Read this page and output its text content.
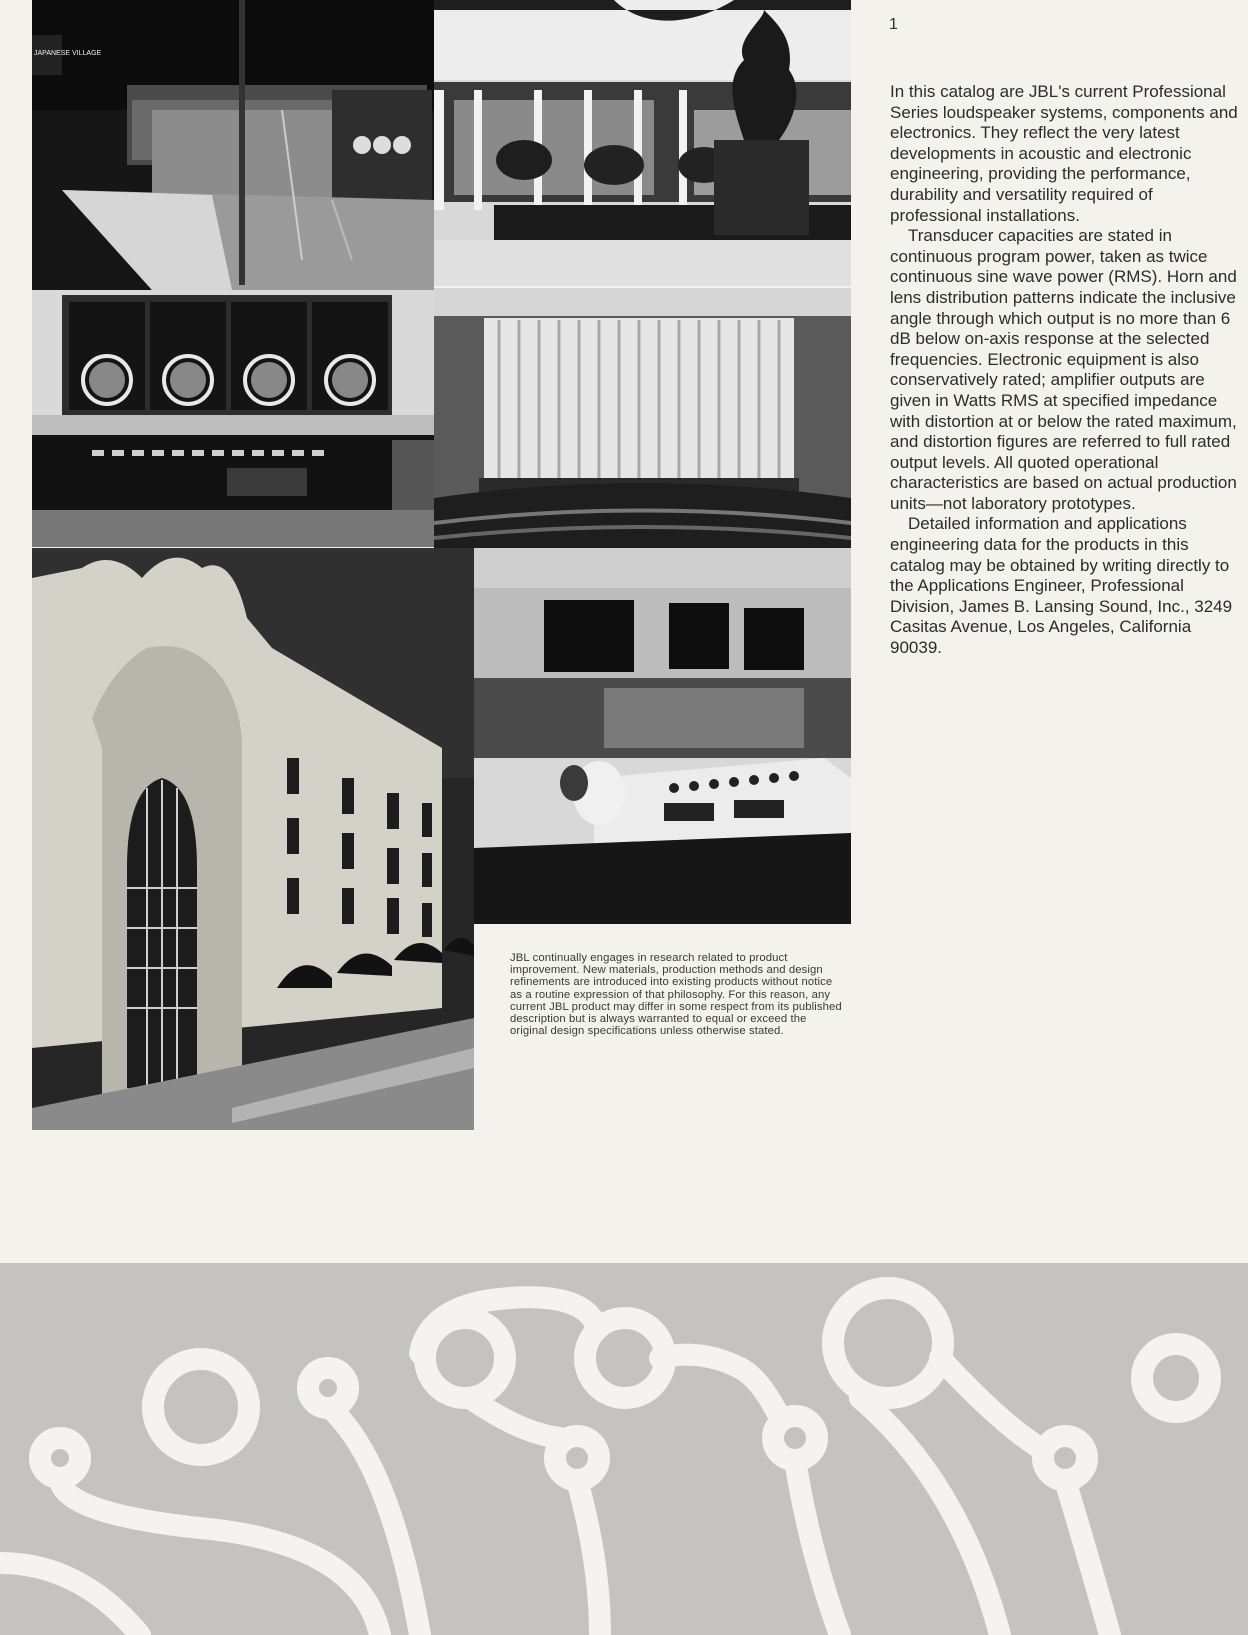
JAPANESE VILLAGE
1

In this catalog are JBL's current Professional Series loudspeaker systems, components and electronics. They reflect the very latest developments in acoustic and electronic engineering, providing the performance, durability and versatility required of professional installations.

Transducer capacities are stated in continuous program power, taken as twice continuous sine wave power (RMS). Horn and lens distribution patterns indicate the inclusive angle through which output is no more than 6 dB below on-axis response at the selected frequencies. Electronic equipment is also conservatively rated; amplifier outputs are given in Watts RMS at specified impedance with distortion at or below the rated maximum, and distortion figures are referred to full rated output levels. All quoted operational characteristics are based on actual production units—not laboratory prototypes.

Detailed information and applications engineering data for the products in this catalog may be obtained by writing directly to the Applications Engineer, Professional Division, James B. Lansing Sound, Inc., 3249 Casitas Avenue, Los Angeles, California 90039.

JBL continually engages in research related to product improvement. New materials, production methods and design refinements are introduced into existing products without notice as a routine expression of that philosophy. For this reason, any current JBL product may differ in some respect from its published description but is always warranted to equal or exceed the original design specifications unless otherwise stated.
